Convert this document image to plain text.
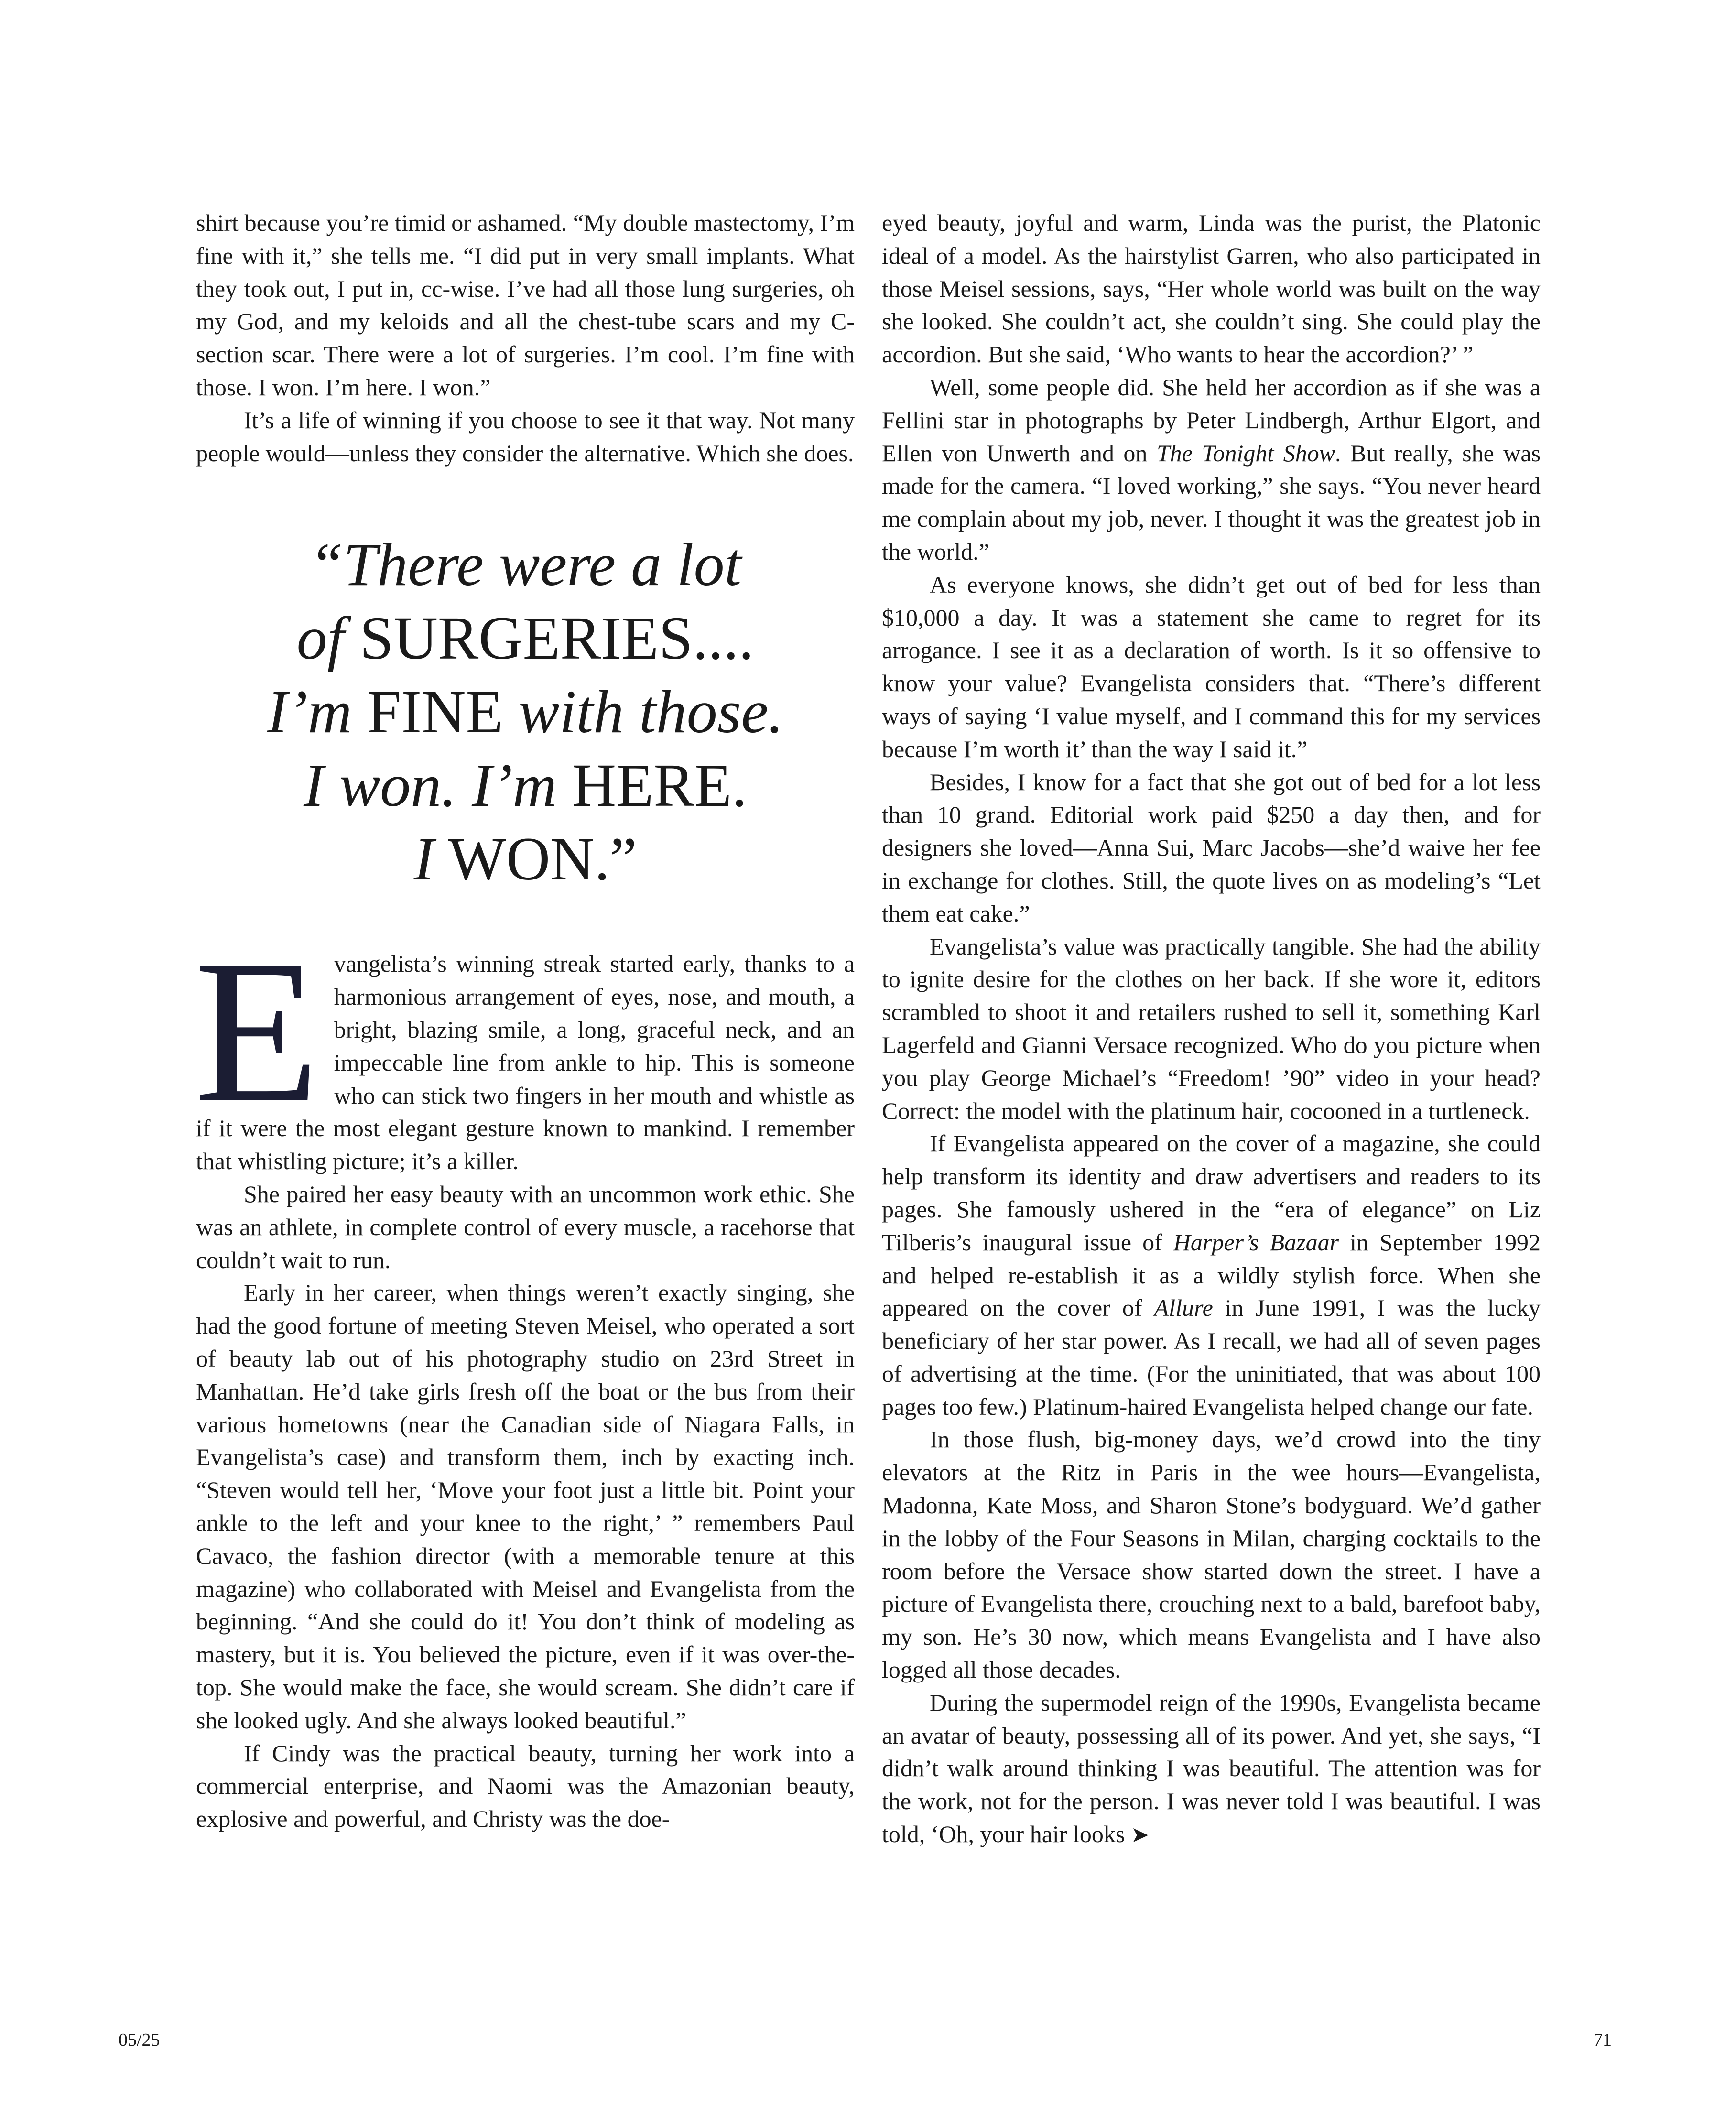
shirt because you’re timid or ashamed. “My double mastectomy, I’m fine with it,” she tells me. “I did put in very small implants. What they took out, I put in, cc-wise. I’ve had all those lung surgeries, oh my God, and my keloids and all the chest-tube scars and my C-section scar. There were a lot of surgeries. I’m cool. I’m fine with those. I won. I’m here. I won.”

It’s a life of winning if you choose to see it that way. Not many people would—unless they consider the alternative. Which she does.

“There were a lot
of SURGERIES....
I’m FINE with those.
I won. I’m HERE.
I WON.”

Evangelista’s winning streak started early, thanks to a harmonious arrangement of eyes, nose, and mouth, a bright, blazing smile, a long, graceful neck, and an impeccable line from ankle to hip. This is someone who can stick two fingers in her mouth and whistle as if it were the most elegant gesture known to mankind. I remember that whistling picture; it’s a killer.

She paired her easy beauty with an uncommon work ethic. She was an athlete, in complete control of every muscle, a racehorse that couldn’t wait to run.

Early in her career, when things weren’t exactly singing, she had the good fortune of meeting Steven Meisel, who operated a sort of beauty lab out of his photography studio on 23rd Street in Manhattan. He’d take girls fresh off the boat or the bus from their various hometowns (near the Canadian side of Niagara Falls, in Evangelista’s case) and transform them, inch by exacting inch. “Steven would tell her, ‘Move your foot just a little bit. Point your ankle to the left and your knee to the right,’ ” remembers Paul Cavaco, the fashion director (with a memorable tenure at this magazine) who collaborated with Meisel and Evangelista from the beginning. “And she could do it! You don’t think of modeling as mastery, but it is. You believed the picture, even if it was over-the-top. She would make the face, she would scream. She didn’t care if she looked ugly. And she always looked beautiful.”

If Cindy was the practical beauty, turning her work into a commercial enterprise, and Naomi was the Amazonian beauty, explosive and powerful, and Christy was the doe-

eyed beauty, joyful and warm, Linda was the purist, the Platonic ideal of a model. As the hairstylist Garren, who also participated in those Meisel sessions, says, “Her whole world was built on the way she looked. She couldn’t act, she couldn’t sing. She could play the accordion. But she said, ‘Who wants to hear the accordion?’ ”

Well, some people did. She held her accordion as if she was a Fellini star in photographs by Peter Lindbergh, Arthur Elgort, and Ellen von Unwerth and on The Tonight Show. But really, she was made for the camera. “I loved working,” she says. “You never heard me complain about my job, never. I thought it was the greatest job in the world.”

As everyone knows, she didn’t get out of bed for less than $10,000 a day. It was a statement she came to regret for its arrogance. I see it as a declaration of worth. Is it so offensive to know your value? Evangelista considers that. “There’s different ways of saying ‘I value myself, and I command this for my services because I’m worth it’ than the way I said it.”

Besides, I know for a fact that she got out of bed for a lot less than 10 grand. Editorial work paid $250 a day then, and for designers she loved—Anna Sui, Marc Jacobs—she’d waive her fee in exchange for clothes. Still, the quote lives on as modeling’s “Let them eat cake.”

Evangelista’s value was practically tangible. She had the ability to ignite desire for the clothes on her back. If she wore it, editors scrambled to shoot it and retailers rushed to sell it, something Karl Lagerfeld and Gianni Versace recognized. Who do you picture when you play George Michael’s “Freedom! ’90” video in your head? Correct: the model with the platinum hair, cocooned in a turtleneck.

If Evangelista appeared on the cover of a magazine, she could help transform its identity and draw advertisers and readers to its pages. She famously ushered in the “era of elegance” on Liz Tilberis’s inaugural issue of Harper’s Bazaar in September 1992 and helped re-establish it as a wildly stylish force. When she appeared on the cover of Allure in June 1991, I was the lucky beneficiary of her star power. As I recall, we had all of seven pages of advertising at the time. (For the uninitiated, that was about 100 pages too few.) Platinum-haired Evangelista helped change our fate.

In those flush, big-money days, we’d crowd into the tiny elevators at the Ritz in Paris in the wee hours—Evangelista, Madonna, Kate Moss, and Sharon Stone’s bodyguard. We’d gather in the lobby of the Four Seasons in Milan, charging cocktails to the room before the Versace show started down the street. I have a picture of Evangelista there, crouching next to a bald, barefoot baby, my son. He’s 30 now, which means Evangelista and I have also logged all those decades.

During the supermodel reign of the 1990s, Evangelista became an avatar of beauty, possessing all of its power. And yet, she says, “I didn’t walk around thinking I was beautiful. The attention was for the work, not for the person. I was never told I was beautiful. I was told, ‘Oh, your hair looks ➤

05/25	71
